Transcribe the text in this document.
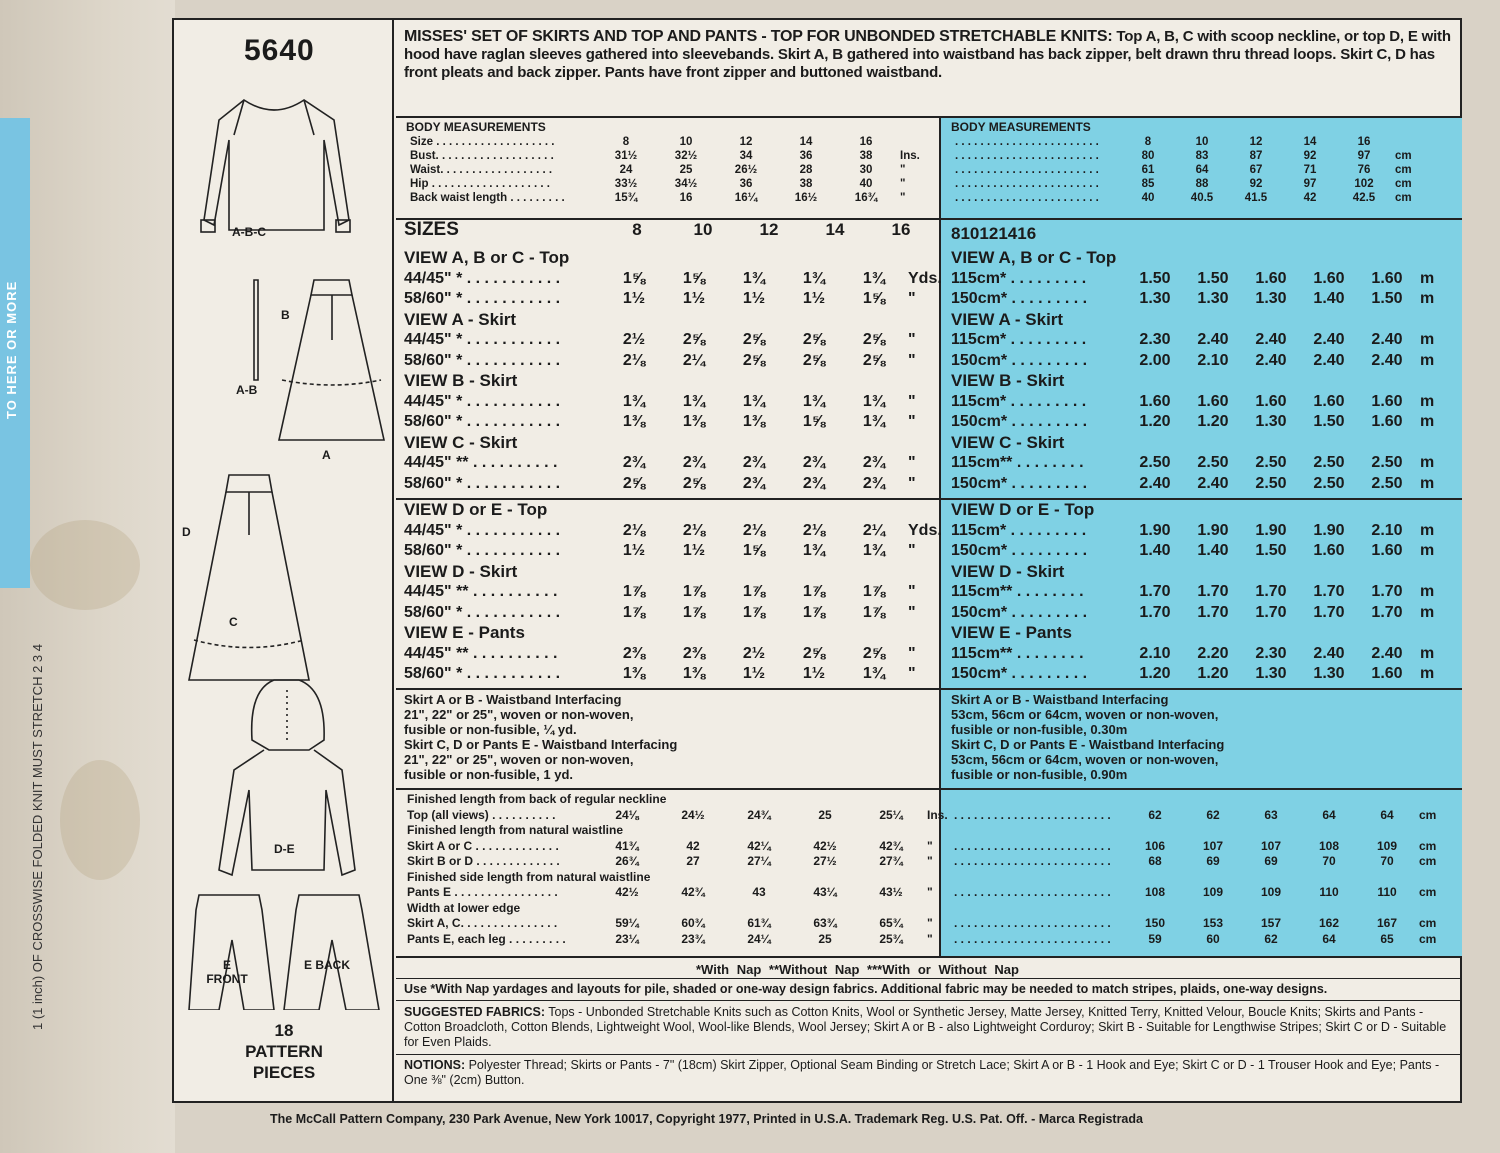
TO HERE OR MORE
1 (1 inch) OF CROSSWISE FOLDED KNIT MUST STRETCH 2 3 4
5640
A-B-C
B
A-B
A
D
C
D-E
E FRONT
E BACK
18
PATTERN
PIECES
MISSES' SET OF SKIRTS AND TOP AND PANTS - TOP FOR UNBONDED STRETCHABLE KNITS: Top A, B, C with scoop neckline, or top D, E with hood have raglan sleeves gathered into sleevebands. Skirt A, B gathered into waistband has back zipper, belt drawn thru thread loops. Skirt C, D has front pleats and back zipper. Pants have front zipper and buttoned waistband.
BODY MEASUREMENTS
Size . . . . . . . . . . . . . . . . . . .	8	10	12	14	16	
Bust. . . . . . . . . . . . . . . . . . .	31½	32½	34	36	38	Ins.
Waist. . . . . . . . . . . . . . . . . .	24	25	26½	28	30	"
Hip . . . . . . . . . . . . . . . . . . .	33½	34½	36	38	40	"
Back waist length . . . . . . . . .	15¾	16	16¼	16½	16¾	"
BODY MEASUREMENTS
. . . . . . . . . . . . . . . . . . . . . . .	8	10	12	14	16	
. . . . . . . . . . . . . . . . . . . . . . .	80	83	87	92	97	cm
. . . . . . . . . . . . . . . . . . . . . . .	61	64	67	71	76	cm
. . . . . . . . . . . . . . . . . . . . . . .	85	88	92	97	102	cm
. . . . . . . . . . . . . . . . . . . . . . .	40	40.5	41.5	42	42.5	cm
SIZES	8	10	12	14	16
	8	10	12	14	16
VIEW A, B or C - Top						
44/45" * . . . . . . . . . . .	1⅝	1⅝	1¾	1¾	1¾	Yds.
58/60" * . . . . . . . . . . .	1½	1½	1½	1½	1⅝	"
VIEW A - Skirt						
44/45" * . . . . . . . . . . .	2½	2⅝	2⅝	2⅝	2⅝	"
58/60" * . . . . . . . . . . .	2⅛	2¼	2⅝	2⅝	2⅝	"
VIEW B - Skirt						
44/45" * . . . . . . . . . . .	1¾	1¾	1¾	1¾	1¾	"
58/60" * . . . . . . . . . . .	1⅜	1⅜	1⅜	1⅝	1¾	"
VIEW C - Skirt						
44/45" ** . . . . . . . . . .	2¾	2¾	2¾	2¾	2¾	"
58/60" * . . . . . . . . . . .	2⅝	2⅝	2¾	2¾	2¾	"
VIEW A, B or C - Top						
115cm* . . . . . . . . .	1.50	1.50	1.60	1.60	1.60	m
150cm* . . . . . . . . .	1.30	1.30	1.30	1.40	1.50	m
VIEW A - Skirt						
115cm* . . . . . . . . .	2.30	2.40	2.40	2.40	2.40	m
150cm* . . . . . . . . .	2.00	2.10	2.40	2.40	2.40	m
VIEW B - Skirt						
115cm* . . . . . . . . .	1.60	1.60	1.60	1.60	1.60	m
150cm* . . . . . . . . .	1.20	1.20	1.30	1.50	1.60	m
VIEW C - Skirt						
115cm** . . . . . . . .	2.50	2.50	2.50	2.50	2.50	m
150cm* . . . . . . . . .	2.40	2.40	2.50	2.50	2.50	m
VIEW D or E - Top						
44/45" * . . . . . . . . . . .	2⅛	2⅛	2⅛	2⅛	2¼	Yds.
58/60" * . . . . . . . . . . .	1½	1½	1⅝	1¾	1¾	"
VIEW D - Skirt						
44/45" ** . . . . . . . . . .	1⅞	1⅞	1⅞	1⅞	1⅞	"
58/60" * . . . . . . . . . . .	1⅞	1⅞	1⅞	1⅞	1⅞	"
VIEW E - Pants						
44/45" ** . . . . . . . . . .	2⅜	2⅜	2½	2⅝	2⅝	"
58/60" * . . . . . . . . . . .	1⅜	1⅜	1½	1½	1¾	"
VIEW D or E - Top						
115cm* . . . . . . . . .	1.90	1.90	1.90	1.90	2.10	m
150cm* . . . . . . . . .	1.40	1.40	1.50	1.60	1.60	m
VIEW D - Skirt						
115cm** . . . . . . . .	1.70	1.70	1.70	1.70	1.70	m
150cm* . . . . . . . . .	1.70	1.70	1.70	1.70	1.70	m
VIEW E - Pants						
115cm** . . . . . . . .	2.10	2.20	2.30	2.40	2.40	m
150cm* . . . . . . . . .	1.20	1.20	1.30	1.30	1.60	m
Skirt A or B - Waistband Interfacing
21", 22" or 25", woven or non-woven,
fusible or non-fusible, ¼ yd.
Skirt C, D or Pants E - Waistband Interfacing
21", 22" or 25", woven or non-woven,
fusible or non-fusible, 1 yd.
Skirt A or B - Waistband Interfacing
53cm, 56cm or 64cm, woven or non-woven,
fusible or non-fusible, 0.30m
Skirt C, D or Pants E - Waistband Interfacing
53cm, 56cm or 64cm, woven or non-woven,
fusible or non-fusible, 0.90m
Finished length from back of regular neckline						
Top (all views) . . . . . . . . . .	24⅛	24½	24¾	25	25¼	Ins.
Finished length from natural waistline						
Skirt A or C . . . . . . . . . . . . .	41¾	42	42¼	42½	42¾	"
Skirt B or D . . . . . . . . . . . . .	26¾	27	27¼	27½	27¾	"
Finished side length from natural waistline						
Pants E . . . . . . . . . . . . . . . .	42½	42¾	43	43¼	43½	"
Width at lower edge						
Skirt A, C. . . . . . . . . . . . . . .	59¼	60¾	61¾	63¾	65¾	"
Pants E, each leg . . . . . . . . .	23¼	23¾	24¼	25	25¾	"

. . . . . . . . . . . . . . . . . . . . . . . .	62	62	63	64	64	cm

. . . . . . . . . . . . . . . . . . . . . . . .	106	107	107	108	109	cm
. . . . . . . . . . . . . . . . . . . . . . . .	68	69	69	70	70	cm

. . . . . . . . . . . . . . . . . . . . . . . .	108	109	109	110	110	cm

. . . . . . . . . . . . . . . . . . . . . . . .	150	153	157	162	167	cm
. . . . . . . . . . . . . . . . . . . . . . . .	59	60	62	64	65	cm
*With Nap **Without Nap ***With or Without Nap
Use *With Nap yardages and layouts for pile, shaded or one-way design fabrics. Additional fabric may be needed to match stripes, plaids, one-way designs.
SUGGESTED FABRICS: Tops - Unbonded Stretchable Knits such as Cotton Knits, Wool or Synthetic Jersey, Matte Jersey, Knitted Terry, Knitted Velour, Boucle Knits; Skirts and Pants - Cotton Broadcloth, Cotton Blends, Lightweight Wool, Wool-like Blends, Wool Jersey; Skirt A or B - also Lightweight Corduroy; Skirt B - Suitable for Lengthwise Stripes; Skirt C or D - Suitable for Even Plaids.
NOTIONS: Polyester Thread; Skirts or Pants - 7" (18cm) Skirt Zipper, Optional Seam Binding or Stretch Lace; Skirt A or B - 1 Hook and Eye; Skirt C or D - 1 Trouser Hook and Eye; Pants - One ⅜" (2cm) Button.
The McCall Pattern Company, 230 Park Avenue, New York 10017, Copyright 1977, Printed in U.S.A. Trademark Reg. U.S. Pat. Off. - Marca Registrada
